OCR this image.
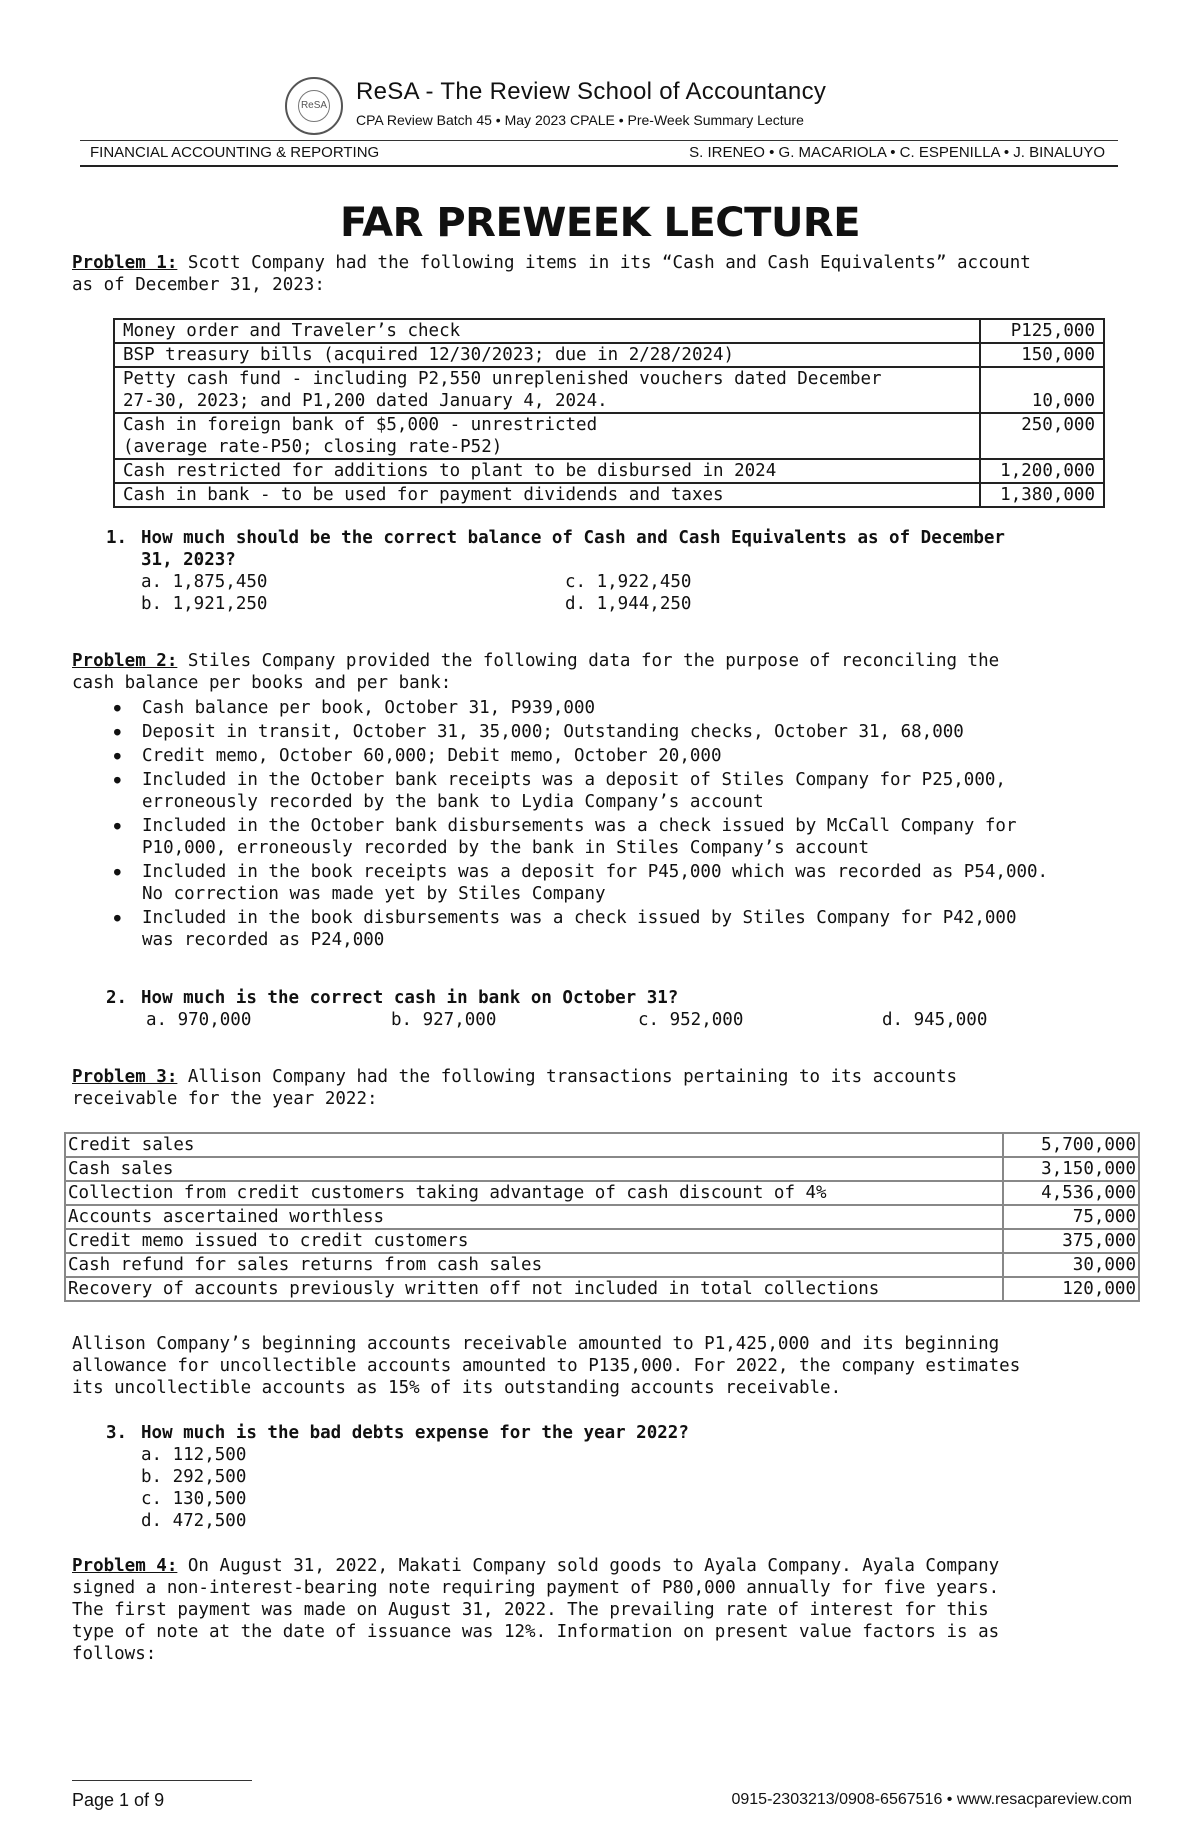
ReSA
ReSA - The Review School of Accountancy
CPA Review Batch 45 • May 2023 CPALE • Pre-Week Summary Lecture
FINANCIAL ACCOUNTING & REPORTING	S. IRENEO • G. MACARIOLA • C. ESPENILLA • J. BINALUYO
FAR PREWEEK LECTURE
Problem 1: Scott Company had the following items in its “Cash and Cash Equivalents” account
as of December 31, 2023:
Money order and Traveler’s check	P125,000
BSP treasury bills (acquired 12/30/2023; due in 2/28/2024)	150,000

Petty cash fund - including P2,550 unreplenished vouchers dated December
27-30, 2023; and P1,200 dated January 4, 2024.	10,000

Cash in foreign bank of $5,000 - unrestricted
(average rate-P50; closing rate-P52)	250,000
Cash restricted for additions to plant to be disbursed in 2024	1,200,000
Cash in bank - to be used for payment dividends and taxes	1,380,000
1. How much should be the correct balance of Cash and Cash Equivalents as of December
31, 2023?
a. 1,875,450	c. 1,922,450
b. 1,921,250	d. 1,944,250
Problem 2: Stiles Company provided the following data for the purpose of reconciling the
cash balance per books and per bank:
● Cash balance per book, October 31, P939,000
● Deposit in transit, October 31, 35,000; Outstanding checks, October 31, 68,000
● Credit memo, October 60,000; Debit memo, October 20,000
● Included in the October bank receipts was a deposit of Stiles Company for P25,000,
erroneously recorded by the bank to Lydia Company’s account
● Included in the October bank disbursements was a check issued by McCall Company for
P10,000, erroneously recorded by the bank in Stiles Company’s account
● Included in the book receipts was a deposit for P45,000 which was recorded as P54,000.
No correction was made yet by Stiles Company
● Included in the book disbursements was a check issued by Stiles Company for P42,000
was recorded as P24,000
2. How much is the correct cash in bank on October 31?
a. 970,000	b. 927,000	c. 952,000	d. 945,000
Problem 3: Allison Company had the following transactions pertaining to its accounts
receivable for the year 2022:
Credit sales	5,700,000
Cash sales	3,150,000
Collection from credit customers taking advantage of cash discount of 4%	4,536,000
Accounts ascertained worthless	75,000
Credit memo issued to credit customers	375,000
Cash refund for sales returns from cash sales	30,000
Recovery of accounts previously written off not included in total collections	120,000
Allison Company’s beginning accounts receivable amounted to P1,425,000 and its beginning
allowance for uncollectible accounts amounted to P135,000. For 2022, the company estimates
its uncollectible accounts as 15% of its outstanding accounts receivable.
3. How much is the bad debts expense for the year 2022?
a. 112,500
b. 292,500
c. 130,500
d. 472,500
Problem 4: On August 31, 2022, Makati Company sold goods to Ayala Company. Ayala Company
signed a non-interest-bearing note requiring payment of P80,000 annually for five years.
The first payment was made on August 31, 2022. The prevailing rate of interest for this
type of note at the date of issuance was 12%. Information on present value factors is as
follows:
Page 1 of 9	0915-2303213/0908-6567516 • www.resacpareview.com
